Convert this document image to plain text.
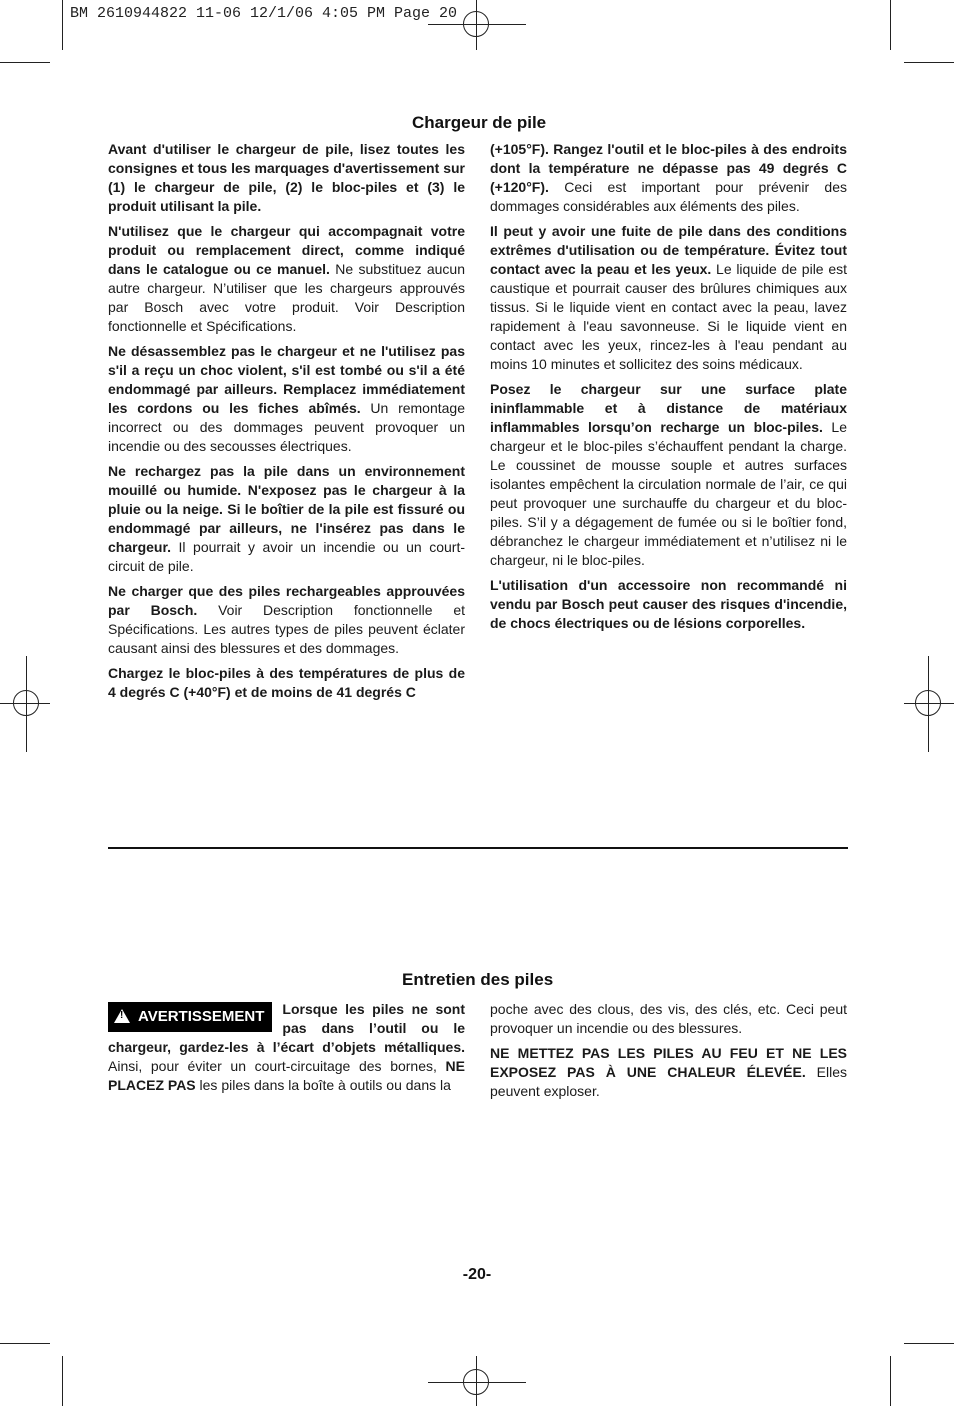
BM 2610944822 11-06 12/1/06 4:05 PM Page 20
Chargeur de pile

Avant d'utiliser le chargeur de pile, lisez toutes les consignes et tous les marquages d'avertissement sur (1) le chargeur de pile, (2) le bloc-piles et (3) le produit utilisant la pile.

N'utilisez que le chargeur qui accompagnait votre produit ou remplacement direct, comme indiqué dans le catalogue ou ce manuel. Ne substituez aucun autre chargeur. N’utiliser que les chargeurs approuvés par Bosch avec votre produit. Voir Description fonctionnelle et Spécifications.

Ne désassemblez pas le chargeur et ne l'utilisez pas s'il a reçu un choc violent, s'il est tombé ou s'il a été endommagé par ailleurs. Remplacez immédiatement les cordons ou les fiches abîmés. Un remontage incorrect ou des dommages peuvent provoquer un incendie ou des secousses électriques.

Ne rechargez pas la pile dans un environnement mouillé ou humide. N'exposez pas le chargeur à la pluie ou la neige. Si le boîtier de la pile est fissuré ou endommagé par ailleurs, ne l'insérez pas dans le chargeur. Il pourrait y avoir un incendie ou un court-circuit de pile.

Ne charger que des piles rechargeables approuvées par Bosch. Voir Description fonctionnelle et Spécifications. Les autres types de piles peuvent éclater causant ainsi des blessures et des dommages.

Chargez le bloc-piles à des températures de plus de 4 degrés C (+40°F) et de moins de 41 degrés C

(+105°F). Rangez l'outil et le bloc-piles à des endroits dont la température ne dépasse pas 49 degrés C (+120°F). Ceci est important pour prévenir des dommages considérables aux éléments des piles.

Il peut y avoir une fuite de pile dans des conditions extrêmes d'utilisation ou de température. Évitez tout contact avec la peau et les yeux. Le liquide de pile est caustique et pourrait causer des brûlures chimiques aux tissus. Si le liquide vient en contact avec la peau, lavez rapidement à l'eau savonneuse. Si le liquide vient en contact avec les yeux, rincez-les à l'eau pendant au moins 10 minutes et sollicitez des soins médicaux.

Posez le chargeur sur une surface plate ininflammable et à distance de matériaux inflammables lorsqu’on recharge un bloc-piles. Le chargeur et le bloc-piles s’échauffent pendant la charge. Le coussinet de mousse souple et autres surfaces isolantes empêchent la circulation normale de l’air, ce qui peut provoquer une surchauffe du chargeur et du bloc-piles. S’il y a dégagement de fumée ou si le boîtier fond, débranchez le chargeur immédiatement et n’utilisez ni le chargeur, ni le bloc-piles.

L'utilisation d'un accessoire non recommandé ni vendu par Bosch peut causer des risques d'incendie, de chocs électriques ou de lésions corporelles.

Entretien des piles

!AVERTISSEMENT	Lorsque les piles ne sont pas dans l’outil ou le chargeur, gardez-les à l’écart d’objets métalliques. Ainsi, pour éviter un court-circuitage des bornes, NE PLACEZ PAS les piles dans la boîte à outils ou dans la

poche avec des clous, des vis, des clés, etc. Ceci peut provoquer un incendie ou des blessures.

NE METTEZ PAS LES PILES AU FEU ET NE LES EXPOSEZ PAS À UNE CHALEUR ÉLEVÉE. Elles peuvent exploser.

-20-
